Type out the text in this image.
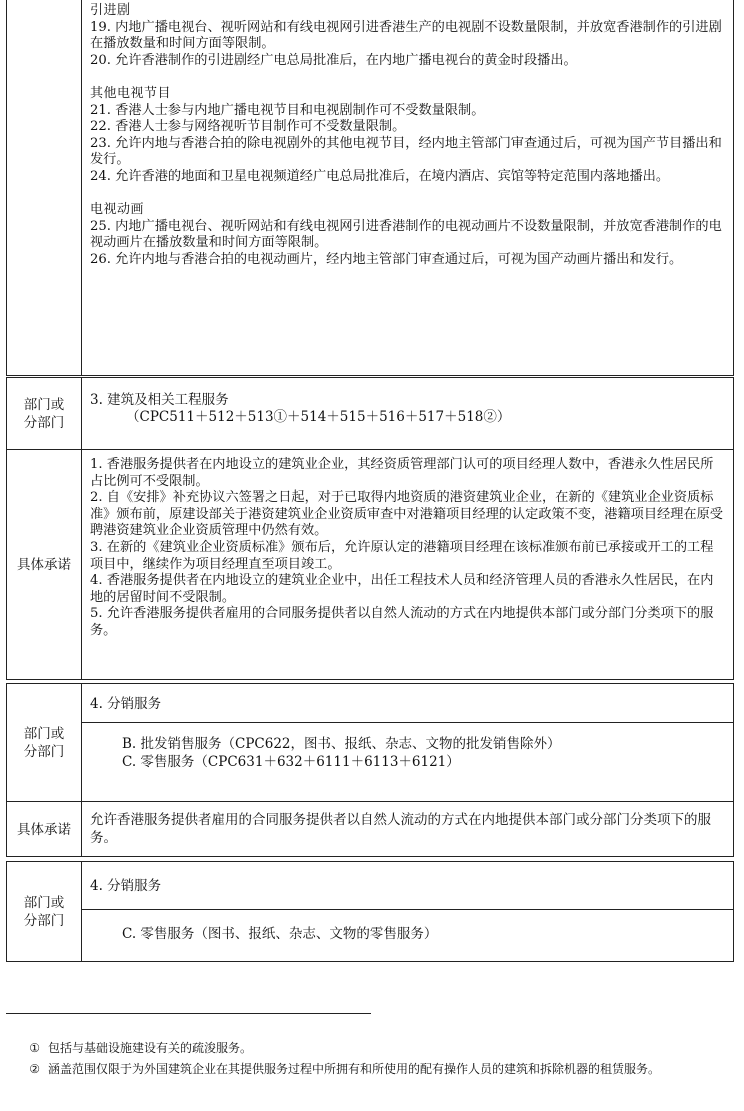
引进剧

19. 内地广播电视台、视听网站和有线电视网引进香港生产的电视剧不设数量限制，并放宽香港制作的引进剧在播放数量和时间方面等限制。

20. 允许香港制作的引进剧经广电总局批准后，在内地广播电视台的黄金时段播出。

其他电视节目

21. 香港人士参与内地广播电视节目和电视剧制作可不受数量限制。

22. 香港人士参与网络视听节目制作可不受数量限制。

23. 允许内地与香港合拍的除电视剧外的其他电视节目，经内地主管部门审查通过后，可视为国产节目播出和发行。

24. 允许香港的地面和卫星电视频道经广电总局批准后，在境内酒店、宾馆等特定范围内落地播出。

电视动画

25. 内地广播电视台、视听网站和有线电视网引进香港制作的电视动画片不设数量限制，并放宽香港制作的电视动画片在播放数量和时间方面等限制。

26. 允许内地与香港合拍的电视动画片，经内地主管部门审查通过后，可视为国产动画片播出和发行。

部门或分部门

3. 建筑及相关工程服务

（CPC511＋512＋513①＋514＋515＋516＋517＋518②）

具体承诺

1. 香港服务提供者在内地设立的建筑业企业，其经资质管理部门认可的项目经理人数中，香港永久性居民所占比例可不受限制。

2. 自《安排》补充协议六签署之日起，对于已取得内地资质的港资建筑业企业，在新的《建筑业企业资质标准》颁布前，原建设部关于港资建筑业企业资质审查中对港籍项目经理的认定政策不变，港籍项目经理在原受聘港资建筑业企业资质管理中仍然有效。

3. 在新的《建筑业企业资质标准》颁布后，允许原认定的港籍项目经理在该标准颁布前已承接或开工的工程项目中，继续作为项目经理直至项目竣工。

4. 香港服务提供者在内地设立的建筑业企业中，出任工程技术人员和经济管理人员的香港永久性居民，在内地的居留时间不受限制。

5. 允许香港服务提供者雇用的合同服务提供者以自然人流动的方式在内地提供本部门或分部门分类项下的服务。

部门或分部门
4. 分销服务

B. 批发销售服务（CPC622，图书、报纸、杂志、文物的批发销售除外）

C. 零售服务（CPC631＋632＋6111＋6113＋6121）

具体承诺

允许香港服务提供者雇用的合同服务提供者以自然人流动的方式在内地提供本部门或分部门分类项下的服务。

部门或分部门
4. 分销服务

C. 零售服务（图书、报纸、杂志、文物的零售服务）

① 包括与基础设施建设有关的疏浚服务。
② 涵盖范围仅限于为外国建筑企业在其提供服务过程中所拥有和所使用的配有操作人员的建筑和拆除机器的租赁服务。
